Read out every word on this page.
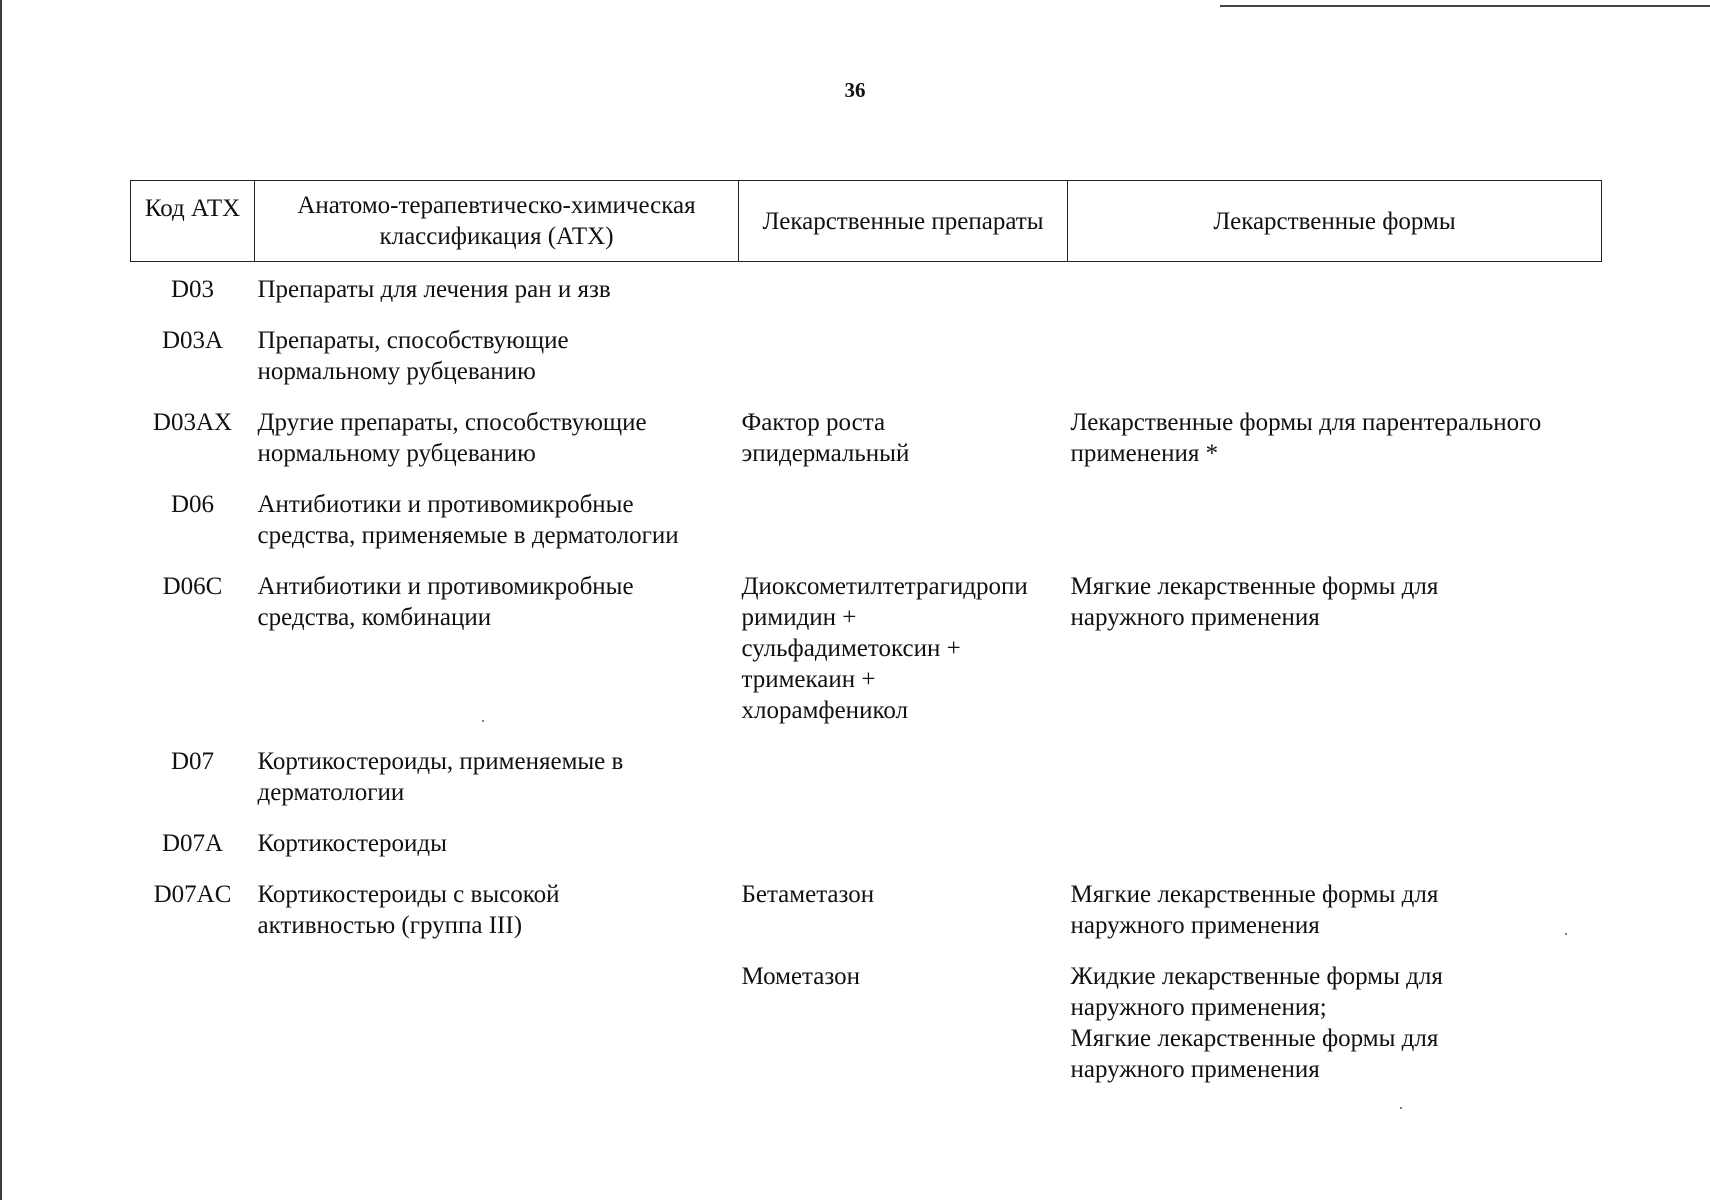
36
Код АТХ	Анатомо-терапевтическо-химическая
классификация (АТХ)	Лекарственные препараты	Лекарственные формы
D03	Препараты для лечения ран и язв		

D03A	Препараты, способствующие
нормальному рубцеванию		

D03AX	Другие препараты, способствующие
нормальному рубцеванию	Фактор роста
эпидермальный	Лекарственные формы для парентерального
применения *

D06	Антибиотики и противомикробные
средства, применяемые в дерматологии		

D06C	Антибиотики и противомикробные
средства, комбинации	Диоксометилтетрагидропи
римидин +
сульфадиметоксин +
тримекаин +
хлорамфеникол	Мягкие лекарственные формы для
наружного применения

D07	Кортикостероиды, применяемые в
дерматологии		

D07A	Кортикостероиды		

D07AC	Кортикостероиды с высокой
активностью (группа III)	Бетаметазон	Мягкие лекарственные формы для
наружного применения

		Мометазон	Жидкие лекарственные формы для
наружного применения;
Мягкие лекарственные формы для
наружного применения
